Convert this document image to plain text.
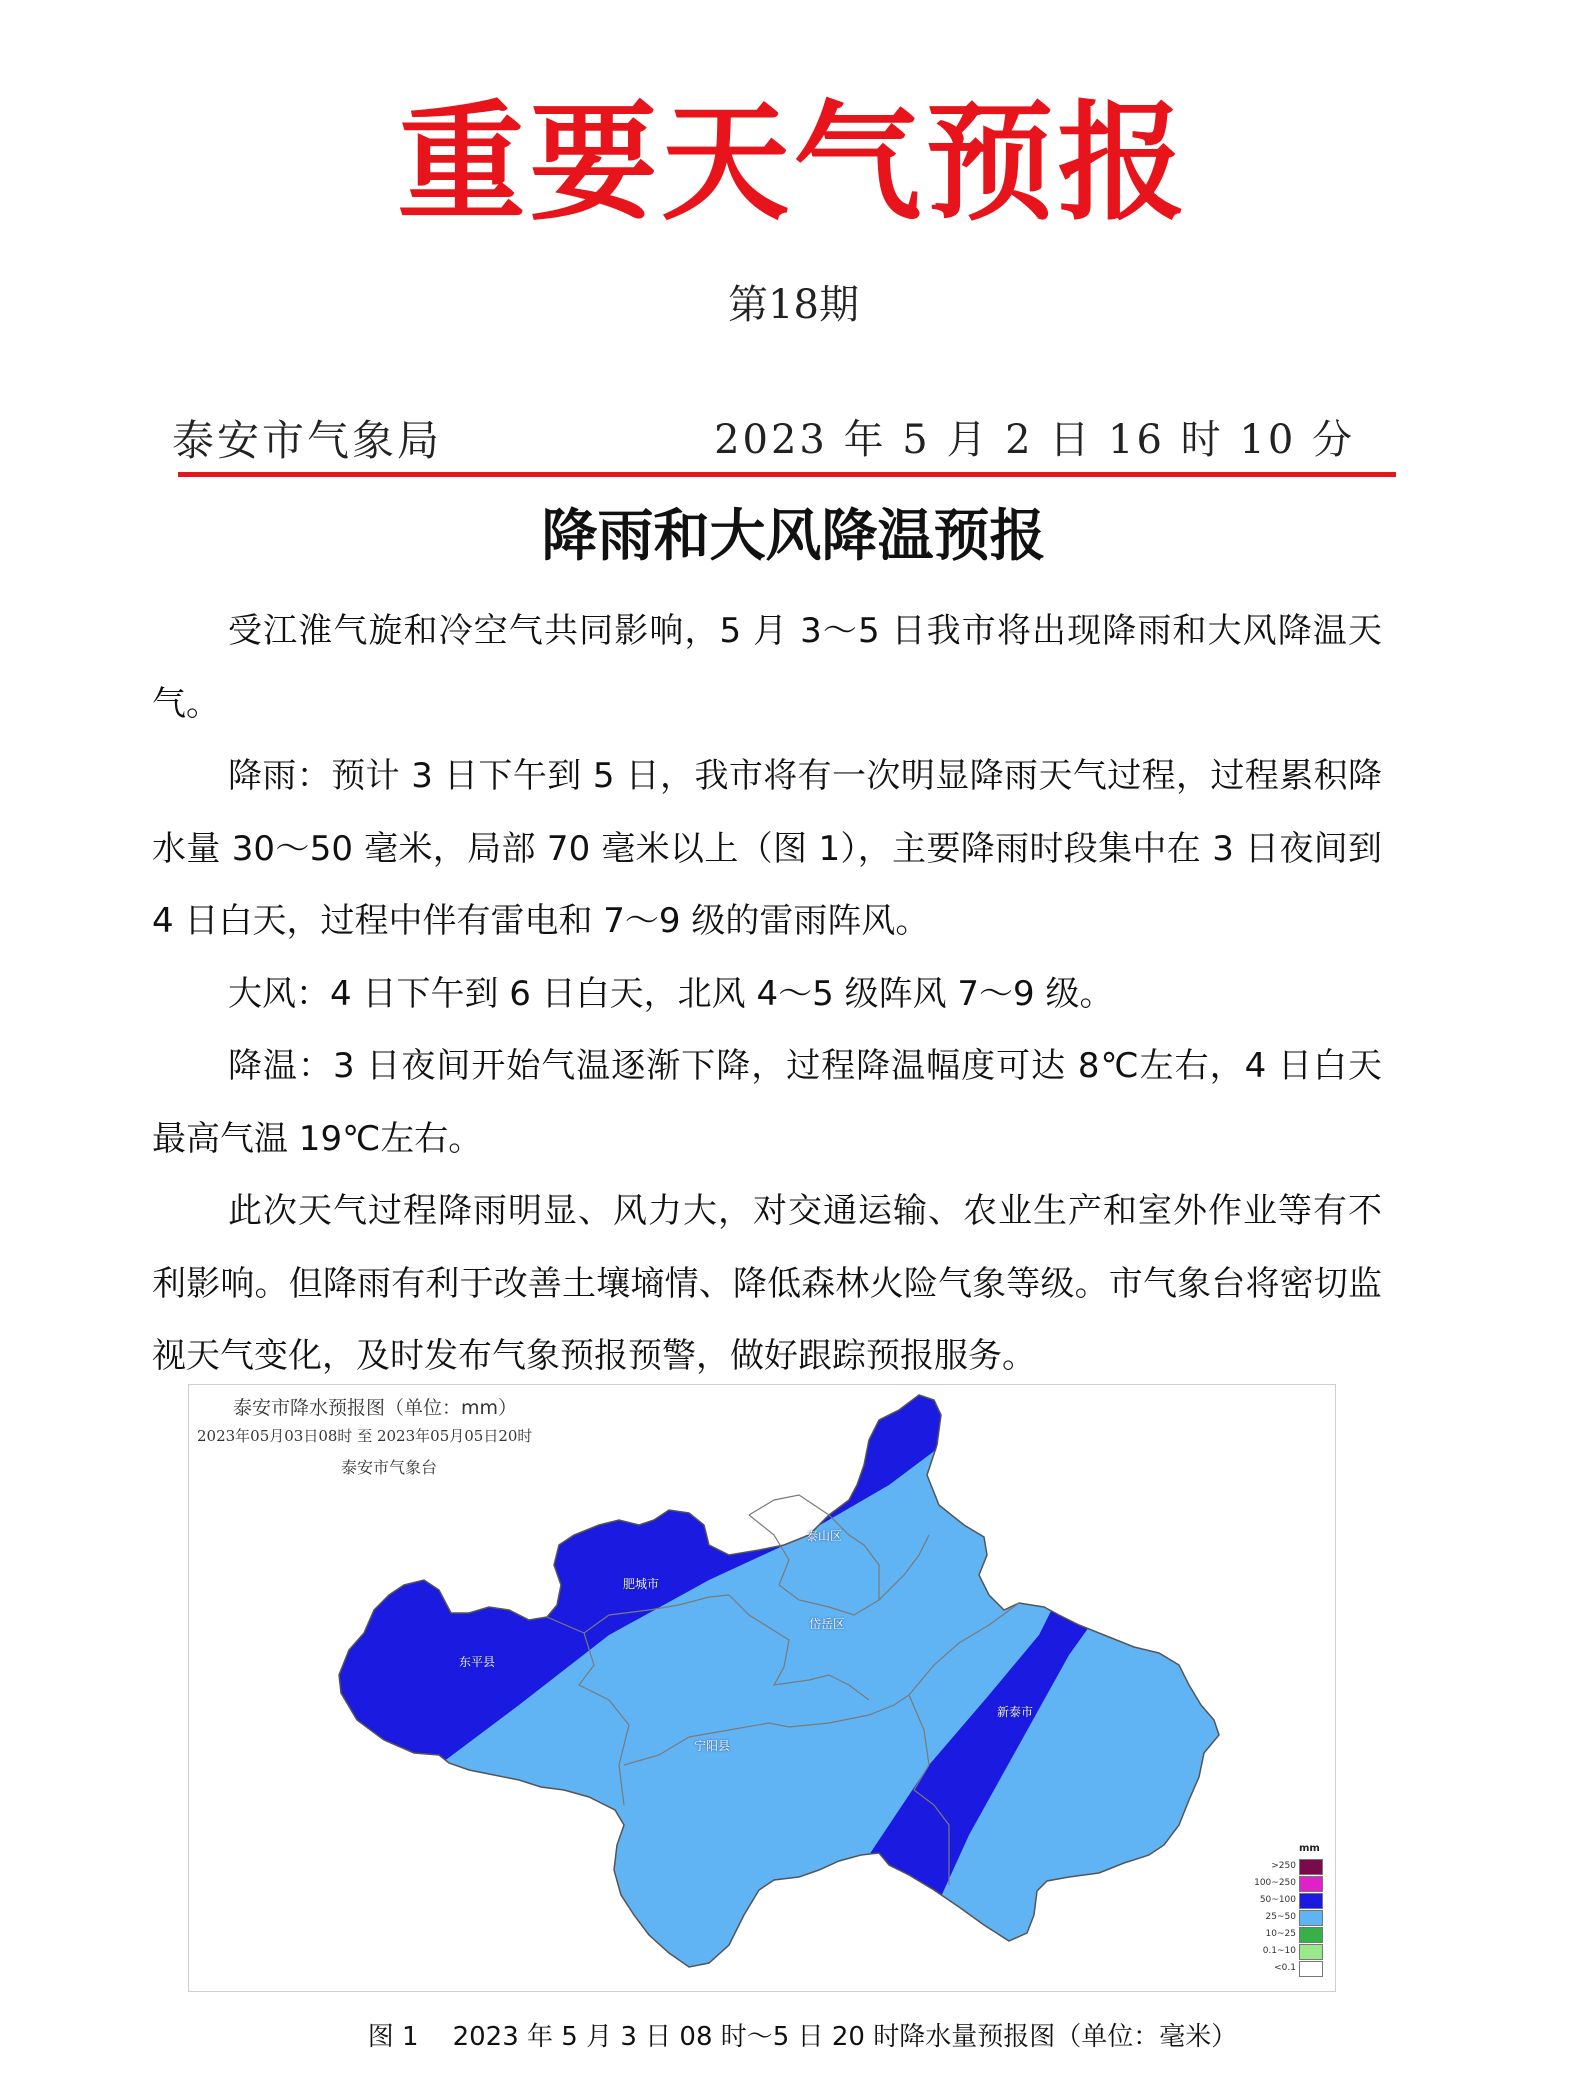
重要天气预报
第18期
泰安市气象局	2023 年 5 月 2 日 16 时 10 分
降雨和大风降温预报

受江淮气旋和冷空气共同影响，5 月 3～5 日我市将出现降雨和大风降温天气。

降雨：预计 3 日下午到 5 日，我市将有一次明显降雨天气过程，过程累积降水量 30～50 毫米，局部 70 毫米以上（图 1），主要降雨时段集中在 3 日夜间到 4 日白天，过程中伴有雷电和 7～9 级的雷雨阵风。

大风：4 日下午到 6 日白天，北风 4～5 级阵风 7～9 级。

降温：3 日夜间开始气温逐渐下降，过程降温幅度可达 8℃左右，4 日白天最高气温 19℃左右。

此次天气过程降雨明显、风力大，对交通运输、农业生产和室外作业等有不利影响。但降雨有利于改善土壤墒情、降低森林火险气象等级。市气象台将密切监视天气变化，及时发布气象预报预警，做好跟踪预报服务。

泰安市降水预报图（单位：mm）
2023年05月03日08时 至 2023年05月05日20时
泰安市气象台
泰山区
肥城市
岱岳区
东平县
新泰市
宁阳县
mm
>250
100~250
50~100
25~50
10~25
0.1~10
<0.1
图 1 2023 年 5 月 3 日 08 时～5 日 20 时降水量预报图（单位：毫米）
